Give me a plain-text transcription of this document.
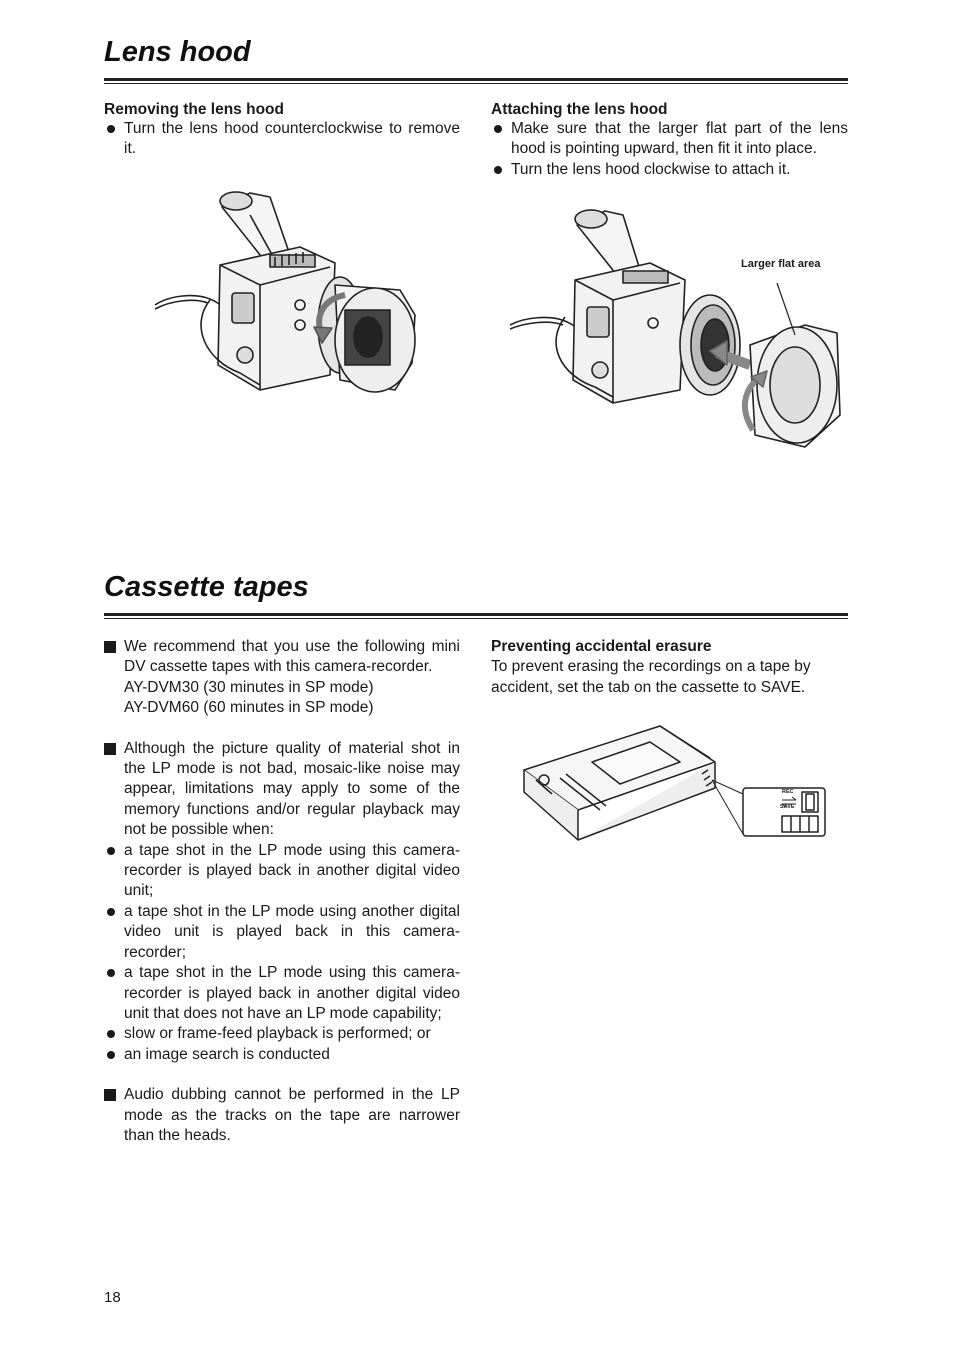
Lens hood

Removing the lens hood

Turn the lens hood counterclockwise to remove it.

Attaching the lens hood

Make sure that the larger flat part of the lens hood is pointing upward, then fit it into place.
Turn the lens hood clockwise to attach it.
Larger flat area
Cassette tapes
We recommend that you use the following mini DV cassette tapes with this camera-recorder.
AY-DVM30 (30 minutes in SP mode)
AY-DVM60 (60 minutes in SP mode)
Although the picture quality of material shot in the LP mode is not bad, mosaic-like noise may appear, limitations may apply to some of the memory functions and/or regular playback may not be possible when:
a tape shot in the LP mode using this camera-recorder is played back in another digital video unit;
a tape shot in the LP mode using another digital video unit is played back in this camera-recorder;
a tape shot in the LP mode using this camera-recorder is played back in another digital video unit that does not have an LP mode capability;
slow or frame-feed playback is performed; or
an image search is conducted
Audio dubbing cannot be performed in the LP mode as the tracks on the tape are narrower than the heads.

Preventing accidental erasure

To prevent erasing the recordings on a tape by accident, set the tab on the cassette to SAVE.
REC
SAVE
18
